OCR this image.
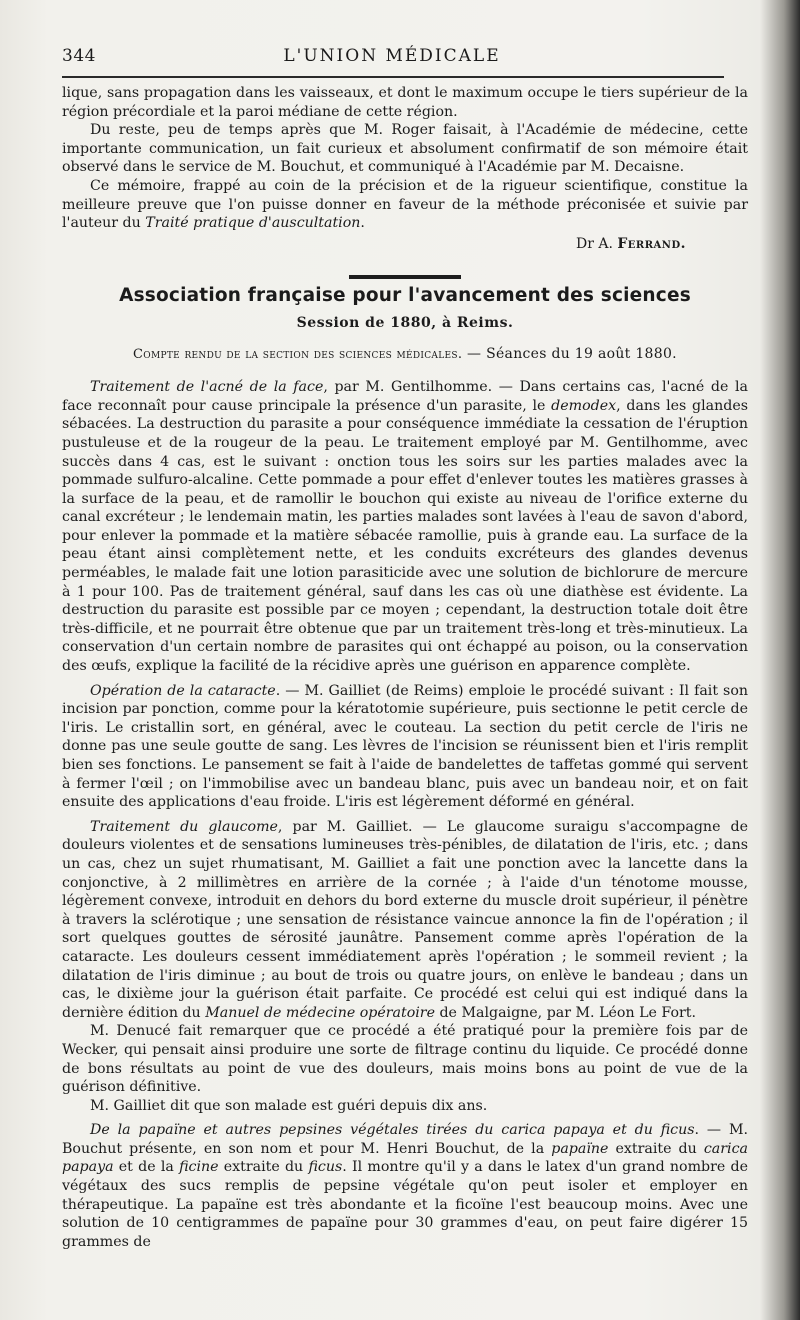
344	L'UNION MÉDICALE

lique, sans propagation dans les vaisseaux, et dont le maximum occupe le tiers supérieur de la région précordiale et la paroi médiane de cette région.

Du reste, peu de temps après que M. Roger faisait, à l'Académie de médecine, cette importante communication, un fait curieux et absolument confirmatif de son mémoire était observé dans le service de M. Bouchut, et communiqué à l'Académie par M. Decaisne.

Ce mémoire, frappé au coin de la précision et de la rigueur scientifique, constitue la meilleure preuve que l'on puisse donner en faveur de la méthode préconisée et suivie par l'auteur du Traité pratique d'auscultation.

Dr A. Ferrand.

Association française pour l'avancement des sciences

Session de 1880, à Reims.

Compte rendu de la section des sciences médicales. — Séances du 19 août 1880.

Traitement de l'acné de la face, par M. Gentilhomme. — Dans certains cas, l'acné de la face reconnaît pour cause principale la présence d'un parasite, le demodex, dans les glandes sébacées. La destruction du parasite a pour conséquence immédiate la cessation de l'éruption pustuleuse et de la rougeur de la peau. Le traitement employé par M. Gentilhomme, avec succès dans 4 cas, est le suivant : onction tous les soirs sur les parties malades avec la pommade sulfuro-alcaline. Cette pommade a pour effet d'enlever toutes les matières grasses à la surface de la peau, et de ramollir le bouchon qui existe au niveau de l'orifice externe du canal excréteur ; le lendemain matin, les parties malades sont lavées à l'eau de savon d'abord, pour enlever la pommade et la matière sébacée ramollie, puis à grande eau. La surface de la peau étant ainsi complètement nette, et les conduits excréteurs des glandes devenus perméables, le malade fait une lotion parasiticide avec une solution de bichlorure de mercure à 1 pour 100. Pas de traitement général, sauf dans les cas où une diathèse est évidente. La destruction du parasite est possible par ce moyen ; cependant, la destruction totale doit être très-difficile, et ne pourrait être obtenue que par un traitement très-long et très-minutieux. La conservation d'un certain nombre de parasites qui ont échappé au poison, ou la conservation des œufs, explique la facilité de la récidive après une guérison en apparence complète.

Opération de la cataracte. — M. Gailliet (de Reims) emploie le procédé suivant : Il fait son incision par ponction, comme pour la kératotomie supérieure, puis sectionne le petit cercle de l'iris. Le cristallin sort, en général, avec le couteau. La section du petit cercle de l'iris ne donne pas une seule goutte de sang. Les lèvres de l'incision se réunissent bien et l'iris remplit bien ses fonctions. Le pansement se fait à l'aide de bandelettes de taffetas gommé qui servent à fermer l'œil ; on l'immobilise avec un bandeau blanc, puis avec un bandeau noir, et on fait ensuite des applications d'eau froide. L'iris est légèrement déformé en général.

Traitement du glaucome, par M. Gailliet. — Le glaucome suraigu s'accompagne de douleurs violentes et de sensations lumineuses très-pénibles, de dilatation de l'iris, etc. ; dans un cas, chez un sujet rhumatisant, M. Gailliet a fait une ponction avec la lancette dans la conjonctive, à 2 millimètres en arrière de la cornée ; à l'aide d'un ténotome mousse, légèrement convexe, introduit en dehors du bord externe du muscle droit supérieur, il pénètre à travers la sclérotique ; une sensation de résistance vaincue annonce la fin de l'opération ; il sort quelques gouttes de sérosité jaunâtre. Pansement comme après l'opération de la cataracte. Les douleurs cessent immédiatement après l'opération ; le sommeil revient ; la dilatation de l'iris diminue ; au bout de trois ou quatre jours, on enlève le bandeau ; dans un cas, le dixième jour la guérison était parfaite. Ce procédé est celui qui est indiqué dans la dernière édition du Manuel de médecine opératoire de Malgaigne, par M. Léon Le Fort.

M. Denucé fait remarquer que ce procédé a été pratiqué pour la première fois par de Wecker, qui pensait ainsi produire une sorte de filtrage continu du liquide. Ce procédé donne de bons résultats au point de vue des douleurs, mais moins bons au point de vue de la guérison définitive.

M. Gailliet dit que son malade est guéri depuis dix ans.

De la papaïne et autres pepsines végétales tirées du carica papaya et du ficus. — M. Bouchut présente, en son nom et pour M. Henri Bouchut, de la papaïne extraite du carica papaya et de la ficine extraite du ficus. Il montre qu'il y a dans le latex d'un grand nombre de végétaux des sucs remplis de pepsine végétale qu'on peut isoler et employer en thérapeutique. La papaïne est très abondante et la ficoïne l'est beaucoup moins. Avec une solution de 10 centigrammes de papaïne pour 30 grammes d'eau, on peut faire digérer 15 grammes de
